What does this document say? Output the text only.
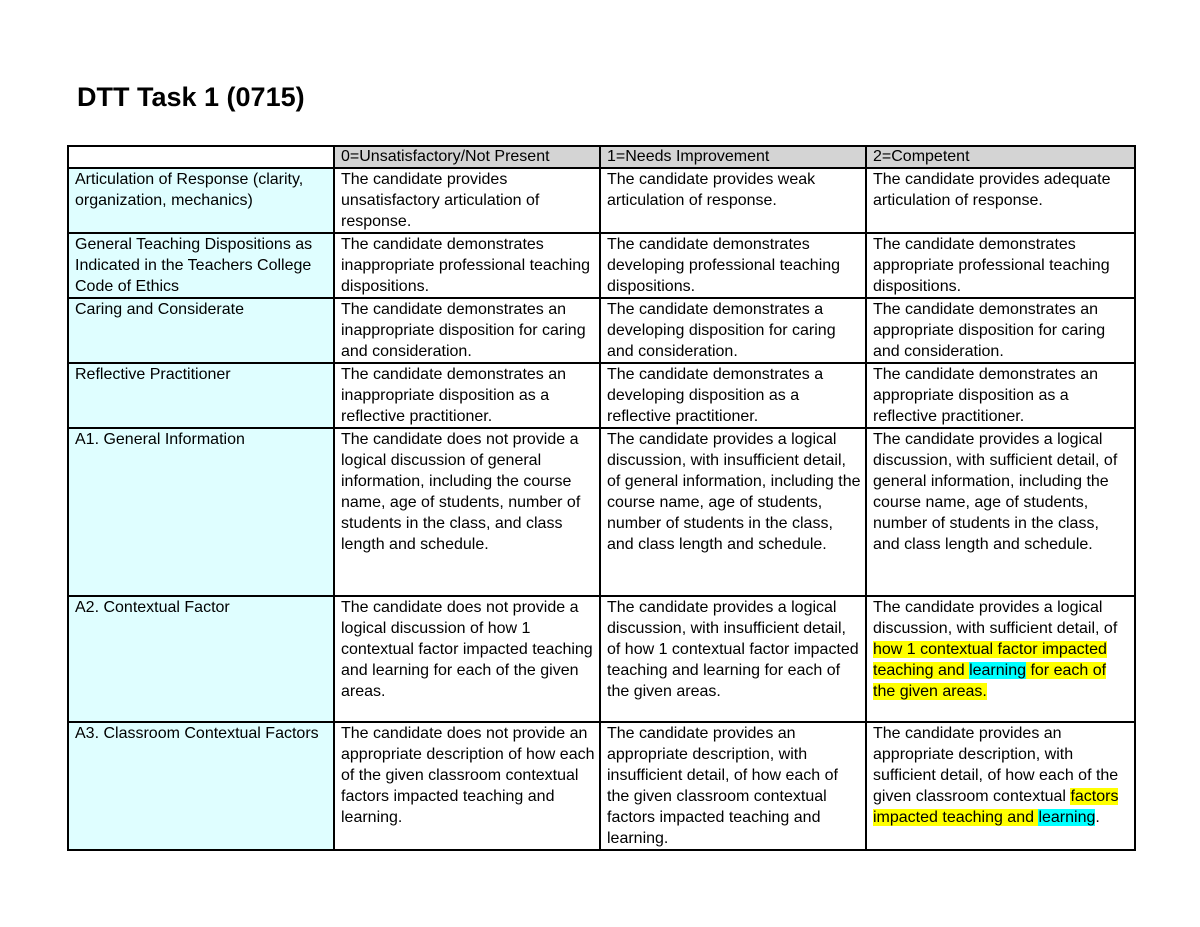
DTT Task 1 (0715)
	0=Unsatisfactory/Not Present	1=Needs Improvement	2=Competent
Articulation of Response (clarity, organization, mechanics)	The candidate provides unsatisfactory articulation of response.	The candidate provides weak articulation of response.	The candidate provides adequate articulation of response.
General Teaching Dispositions as Indicated in the Teachers College Code of Ethics	The candidate demonstrates inappropriate professional teaching dispositions.	The candidate demonstrates developing professional teaching dispositions.	The candidate demonstrates appropriate professional teaching dispositions.
Caring and Considerate	The candidate demonstrates an inappropriate disposition for caring and consideration.	The candidate demonstrates a developing disposition for caring and consideration.	The candidate demonstrates an appropriate disposition for caring and consideration.
Reflective Practitioner	The candidate demonstrates an inappropriate disposition as a reflective practitioner.	The candidate demonstrates a developing disposition as a reflective practitioner.	The candidate demonstrates an appropriate disposition as a reflective practitioner.
A1. General Information	The candidate does not provide a logical discussion of general information, including the course name, age of students, number of students in the class, and class length and schedule.	The candidate provides a logical discussion, with insufficient detail, of general information, including the course name, age of students, number of students in the class, and class length and schedule.	The candidate provides a logical discussion, with sufficient detail, of general information, including the course name, age of students, number of students in the class, and class length and schedule.
A2. Contextual Factor	The candidate does not provide a logical discussion of how 1 contextual factor impacted teaching and learning for each of the given areas.	The candidate provides a logical discussion, with insufficient detail, of how 1 contextual factor impacted teaching and learning for each of the given areas.	The candidate provides a logical discussion, with sufficient detail, of how 1 contextual factor impacted teaching and learning for each of the given areas.
A3. Classroom Contextual Factors	The candidate does not provide an appropriate description of how each of the given classroom contextual factors impacted teaching and learning.	The candidate provides an appropriate description, with insufficient detail, of how each of the given classroom contextual factors impacted teaching and learning.	The candidate provides an appropriate description, with sufficient detail, of how each of the given classroom contextual factors impacted teaching and learning.
